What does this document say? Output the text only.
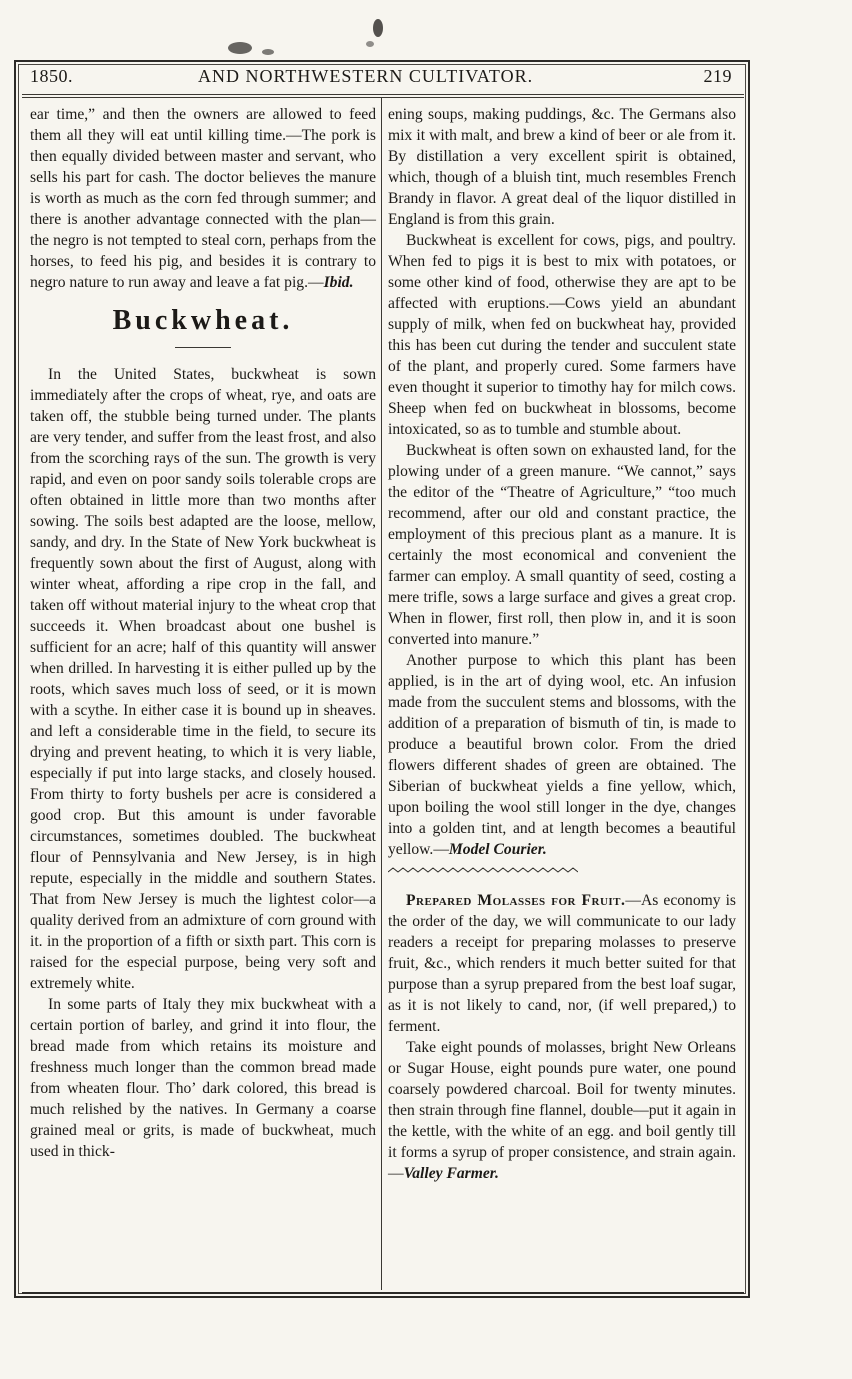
1850.	AND NORTHWESTERN CULTIVATOR.	219

ear time,” and then the owners are allowed to feed them all they will eat until killing time.—The pork is then equally divided between master and servant, who sells his part for cash. The doctor believes the manure is worth as much as the corn fed through summer; and there is another advantage connected with the plan—the negro is not tempted to steal corn, perhaps from the horses, to feed his pig, and besides it is contrary to negro nature to run away and leave a fat pig.—Ibid.

Buckwheat.

In the United States, buckwheat is sown immediately after the crops of wheat, rye, and oats are taken off, the stubble being turned under. The plants are very tender, and suffer from the least frost, and also from the scorching rays of the sun. The growth is very rapid, and even on poor sandy soils tolerable crops are often obtained in little more than two months after sowing. The soils best adapted are the loose, mellow, sandy, and dry. In the State of New York buckwheat is frequently sown about the first of August, along with winter wheat, affording a ripe crop in the fall, and taken off without material injury to the wheat crop that succeeds it. When broadcast about one bushel is sufficient for an acre; half of this quantity will answer when drilled. In harvesting it is either pulled up by the roots, which saves much loss of seed, or it is mown with a scythe. In either case it is bound up in sheaves. and left a considerable time in the field, to secure its drying and prevent heating, to which it is very liable, especially if put into large stacks, and closely housed. From thirty to forty bushels per acre is considered a good crop. But this amount is under favorable circumstances, sometimes doubled. The buckwheat flour of Pennsylvania and New Jersey, is in high repute, especially in the middle and southern States. That from New Jersey is much the lightest color—a quality derived from an admixture of corn ground with it. in the proportion of a fifth or sixth part. This corn is raised for the especial purpose, being very soft and extremely white.

In some parts of Italy they mix buckwheat with a certain portion of barley, and grind it into flour, the bread made from which retains its moisture and freshness much longer than the common bread made from wheaten flour. Tho’ dark colored, this bread is much relished by the natives. In Germany a coarse grained meal or grits, is made of buckwheat, much used in thick-

ening soups, making puddings, &c. The Germans also mix it with malt, and brew a kind of beer or ale from it. By distillation a very excellent spirit is obtained, which, though of a bluish tint, much resembles French Brandy in flavor. A great deal of the liquor distilled in England is from this grain.

Buckwheat is excellent for cows, pigs, and poultry. When fed to pigs it is best to mix with potatoes, or some other kind of food, otherwise they are apt to be affected with eruptions.—Cows yield an abundant supply of milk, when fed on buckwheat hay, provided this has been cut during the tender and succulent state of the plant, and properly cured. Some farmers have even thought it superior to timothy hay for milch cows. Sheep when fed on buckwheat in blossoms, become intoxicated, so as to tumble and stumble about.

Buckwheat is often sown on exhausted land, for the plowing under of a green manure. “We cannot,” says the editor of the “Theatre of Agriculture,” “too much recommend, after our old and constant practice, the employment of this precious plant as a manure. It is certainly the most economical and convenient the farmer can employ. A small quantity of seed, costing a mere trifle, sows a large surface and gives a great crop. When in flower, first roll, then plow in, and it is soon converted into manure.”

Another purpose to which this plant has been applied, is in the art of dying wool, etc. An infusion made from the succulent stems and blossoms, with the addition of a preparation of bismuth of tin, is made to produce a beautiful brown color. From the dried flowers different shades of green are obtained. The Siberian of buckwheat yields a fine yellow, which, upon boiling the wool still longer in the dye, changes into a golden tint, and at length becomes a beautiful yellow.—Model Courier.

Prepared Molasses for Fruit.—As economy is the order of the day, we will communicate to our lady readers a receipt for preparing molasses to preserve fruit, &c., which renders it much better suited for that purpose than a syrup prepared from the best loaf sugar, as it is not likely to cand, nor, (if well prepared,) to ferment.

Take eight pounds of molasses, bright New Orleans or Sugar House, eight pounds pure water, one pound coarsely powdered charcoal. Boil for twenty minutes. then strain through fine flannel, double—put it again in the kettle, with the white of an egg. and boil gently till it forms a syrup of proper consistence, and strain again.—Valley Farmer.
